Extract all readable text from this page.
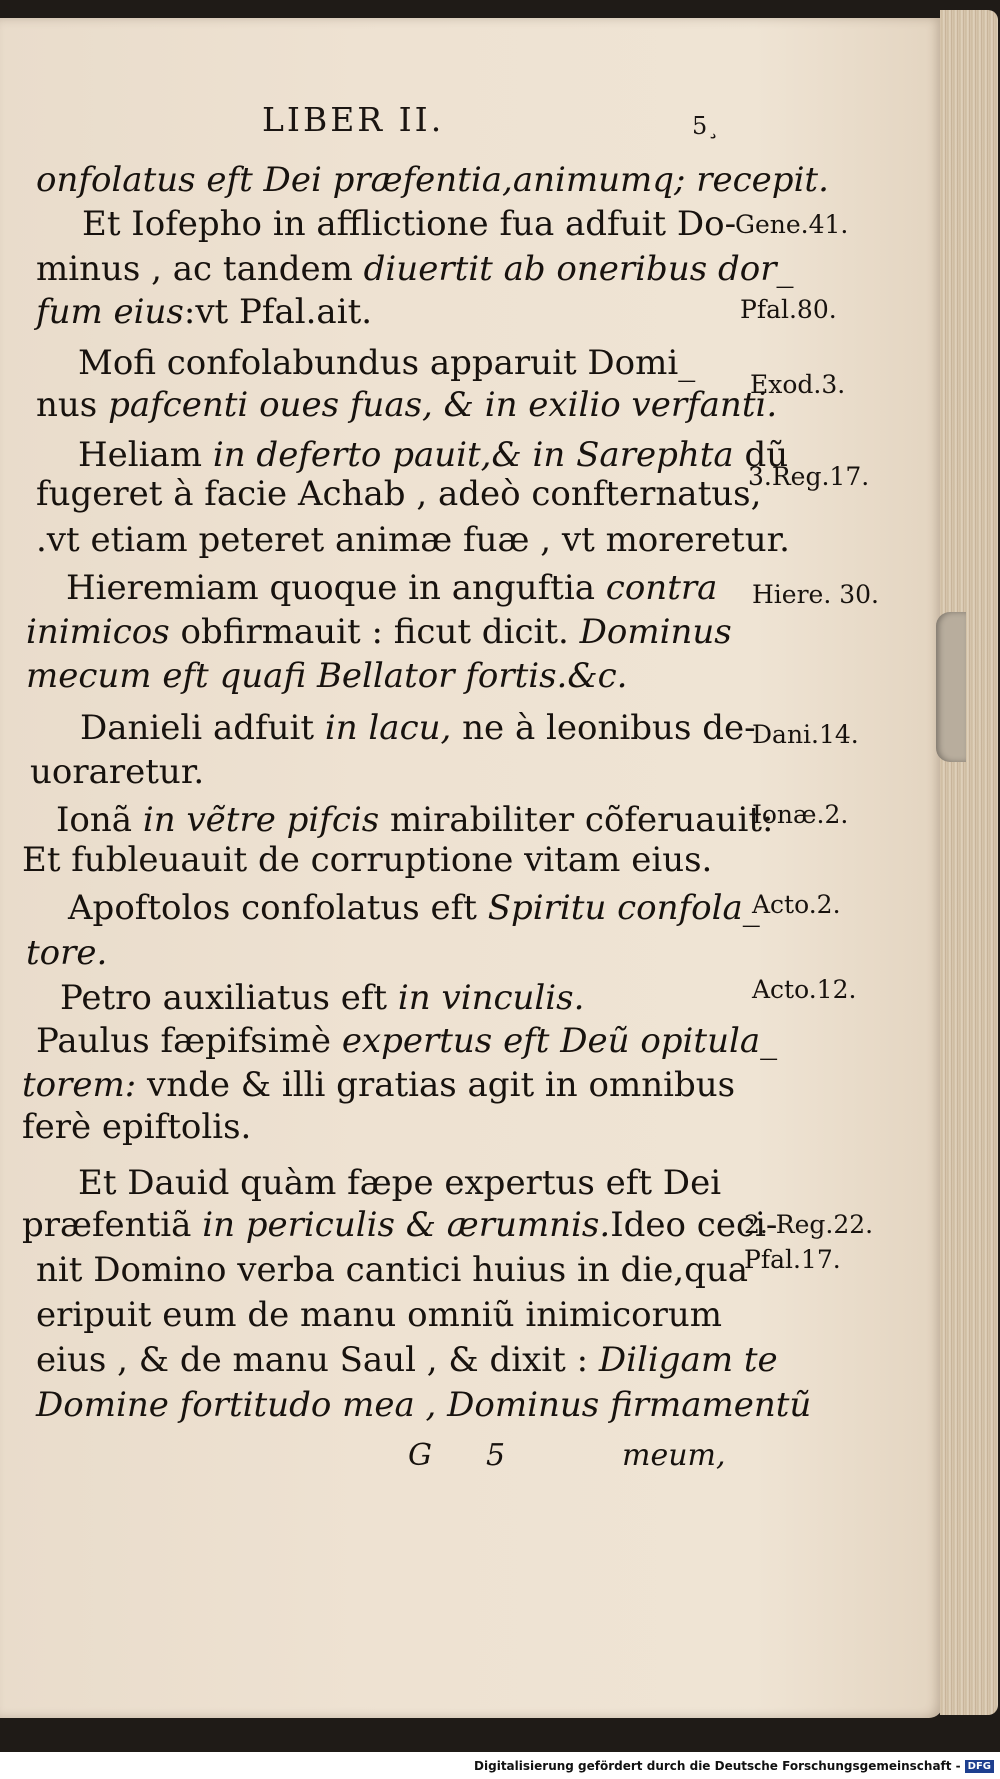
LIBER II.	5¸
onfolatus eft Dei præfentia,animumq; recepit.
Et Iofepho in afflictione fua adfuit Do-
minus , ac tandem diuertit ab oneribus dor_
fum eius:vt Pfal.ait.
Mofi confolabundus apparuit Domi_
nus pafcenti oues fuas, & in exilio verfanti.
Heliam in deferto pauit,& in Sarephta dũ
fugeret à facie Achab , adeò confternatus,
.vt etiam peteret animæ fuæ , vt moreretur.
Hieremiam quoque in anguftia contra
inimicos obfirmauit : ficut dicit. Dominus
mecum eft quafi Bellator fortis.&c.
Danieli adfuit in lacu, ne à leonibus de-
uoraretur.
Ionã in vẽtre pifcis mirabiliter cõferuauit:
Et fubleuauit de corruptione vitam eius.
Apoftolos confolatus eft Spiritu confola_
tore.
Petro auxiliatus eft in vinculis.
Paulus fæpifsimè expertus eft Deũ opitula_
torem: vnde & illi gratias agit in omnibus
ferè epiftolis.
Et Dauid quàm fæpe expertus eft Dei
præfentiã in periculis & ærumnis.Ideo ceci-
nit Domino verba cantici huius in die,qua
eripuit eum de manu omniũ inimicorum
eius , & de manu Saul , & dixit : Diligam te
Domine fortitudo mea , Dominus firmamentũ
Gene.41.
Pfal.80.
Exod.3.
3.Reg.17.
Hiere. 30.
Dani.14.
Ionæ.2.
Acto.2.
Acto.12.
2. Reg.22.
Pfal.17.
G 5	meum,
Digitalisierung gefördert durch die Deutsche Forschungsgemeinschaft - DFG
